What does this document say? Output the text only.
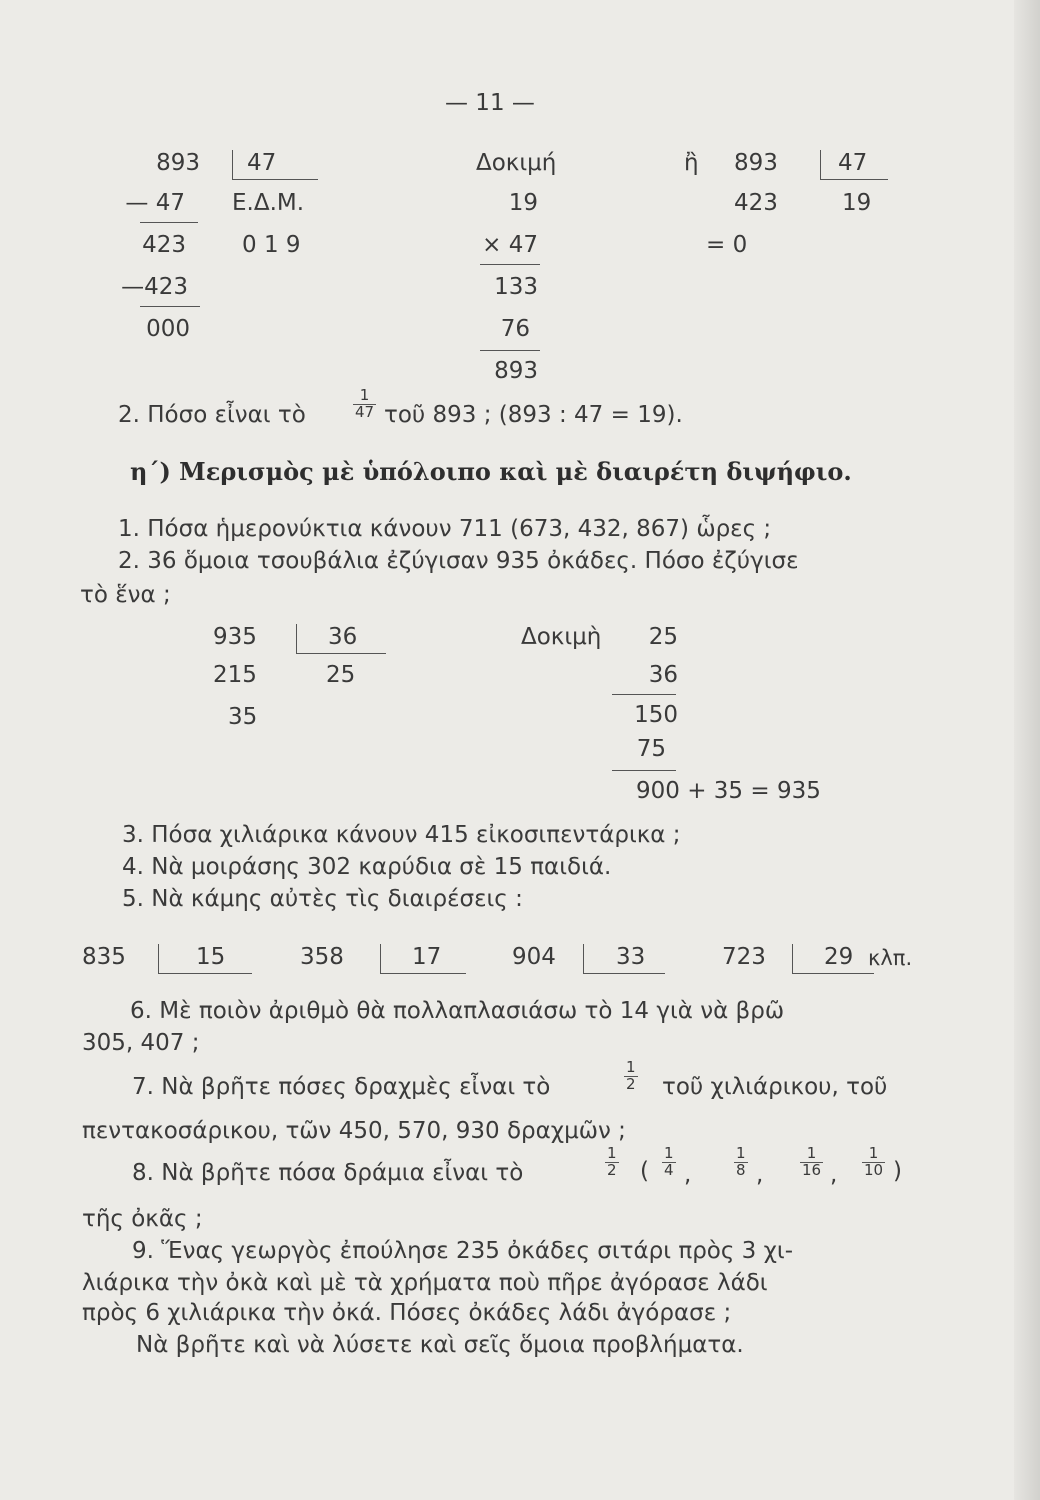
— 11 —
893 47
— 47 Ε.Δ.Μ.
423 0 1 9
—423
000
Δοκιμή
19
× 47
133
76
893
ἢ 893	47
423	19
= 0
2. Πόσο εἶναι τὸ	$\frac{1}{47}$ τοῦ 893 ; (893 : 47 = 19).
η΄) Μερισμὸς μὲ ὑπόλοιπο καὶ μὲ διαιρέτη διψήφιο.
1. Πόσα ἡμερονύκτια κάνουν 711 (673, 432, 867) ὧρες ;
2. 36 ὅμοια τσουβάλια ἐζύγισαν 935 ὀκάδες. Πόσο ἐζύγισε
τὸ ἕνα ;
935	36
215	25
35
Δοκιμὴ	25
36
150
75
900 + 35 = 935
3. Πόσα χιλιάρικα κάνουν 415 εἰκοσιπεντάρικα ;
4. Νὰ μοιράσης 302 καρύδια σὲ 15 παιδιά.
5. Νὰ κάμης αὐτὲς τὶς διαιρέσεις :
835	15	358	17	904	33	723	29 κλπ.
6. Μὲ ποιὸν ἀριθμὸ θὰ πολλαπλασιάσω τὸ 14 γιὰ νὰ βρῶ
305, 407 ;
7. Νὰ βρῆτε πόσες δραχμὲς εἶναι τὸ	$\frac{1}{2}$ τοῦ χιλιάρικου, τοῦ
πεντακοσάρικου, τῶν 450, 570, 930 δραχμῶν ;
8. Νὰ βρῆτε πόσα δράμια εἶναι τὸ	$\frac{1}{2}$ ( $\frac{1}{4}$ ,	$\frac{1}{8}$ , $\frac{1}{16}$ , $\frac{1}{10}$ )
τῆς ὀκᾶς ;
9. Ἕνας γεωργὸς ἐπούλησε 235 ὀκάδες σιτάρι πρὸς 3 χι-
λιάρικα τὴν ὀκὰ καὶ μὲ τὰ χρήματα ποὺ πῆρε ἀγόρασε λάδι
πρὸς 6 χιλιάρικα τὴν ὀκά. Πόσες ὀκάδες λάδι ἀγόρασε ;
Νὰ βρῆτε καὶ νὰ λύσετε καὶ σεῖς ὅμοια προβλήματα.
